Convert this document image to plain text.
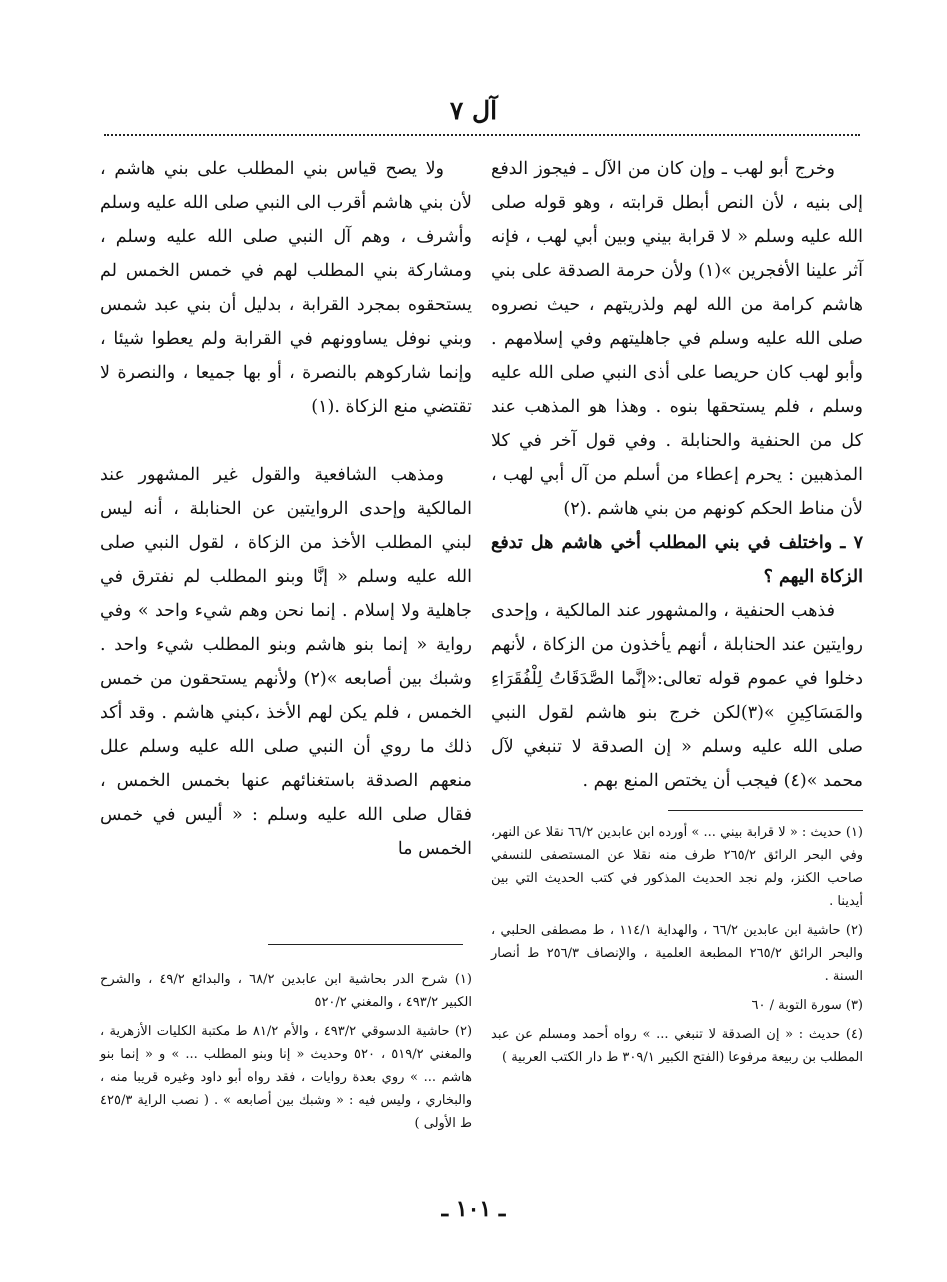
آل ٧

وخرج أبو لهب ـ وإن كان من الآل ـ فيجوز الدفع إلى بنيه ، لأن النص أبطل قرابته ، وهو قوله صلى الله عليه وسلم « لا قرابة بيني وبين أبي لهب ، فإنه آثر علينا الأفجرين »(١) ولأن حرمة الصدقة على بني هاشم كرامة من الله لهم ولذريتهم ، حيث نصروه صلى الله عليه وسلم في جاهليتهم وفي إسلامهم . وأبو لهب كان حريصا على أذى النبي صلى الله عليه وسلم ، فلم يستحقها بنوه . وهذا هو المذهب عند كل من الحنفية والحنابلة . وفي قول آخر في كلا المذهبين : يحرم إعطاء من أسلم من آل أبي لهب ، لأن مناط الحكم كونهم من بني هاشم .(٢)

٧ ـ واختلف في بني المطلب أخي هاشم هل تدفع الزكاة اليهم ؟

فذهب الحنفية ، والمشهور عند المالكية ، وإحدى روايتين عند الحنابلة ، أنهم يأخذون من الزكاة ، لأنهم دخلوا في عموم قوله تعالى:«إنَّما الصَّدَقَاتُ لِلْفُقَرَاءِ والمَسَاكِينِ »(٣)لكن خرج بنو هاشم لقول النبي صلى الله عليه وسلم « إن الصدقة لا تنبغي لآل محمد »(٤) فيجب أن يختص المنع بهم .

(١) حديث : « لا قرابة بيني ... » أورده ابن عابدين ٦٦/٢ نقلا عن النهر، وفي البحر الرائق ٢٦٥/٢ طرف منه نقلا عن المستصفى للنسفي صاحب الكنز، ولم نجد الحديث المذكور في كتب الحديث التي بين أيدينا .

(٢) حاشية ابن عابدين ٦٦/٢ ، والهداية ١١٤/١ ، ط مصطفى الحلبي ، والبحر الرائق ٢٦٥/٢ المطبعة العلمية ، والإنصاف ٢٥٦/٣ ط أنصار السنة .

(٣) سورة التوبة / ٦٠

(٤) حديث : « إن الصدقة لا تنبغي ... » رواه أحمد ومسلم عن عبد المطلب بن ربيعة مرفوعا (الفتح الكبير ٣٠٩/١ ط دار الكتب العربية )

ولا يصح قياس بني المطلب على بني هاشم ، لأن بني هاشم أقرب الى النبي صلى الله عليه وسلم وأشرف ، وهم آل النبي صلى الله عليه وسلم ، ومشاركة بني المطلب لهم في خمس الخمس لم يستحقوه بمجرد القرابة ، بدليل أن بني عبد شمس وبني نوفل يساوونهم في القرابة ولم يعطوا شيئا ، وإنما شاركوهم بالنصرة ، أو بها جميعا ، والنصرة لا تقتضي منع الزكاة .(١)

ومذهب الشافعية والقول غير المشهور عند المالكية وإحدى الروايتين عن الحنابلة ، أنه ليس لبني المطلب الأخذ من الزكاة ، لقول النبي صلى الله عليه وسلم « إنَّا وبنو المطلب لم نفترق في جاهلية ولا إسلام . إنما نحن وهم شيء واحد » وفي رواية « إنما بنو هاشم وبنو المطلب شيء واحد . وشبك بين أصابعه »(٢) ولأنهم يستحقون من خمس الخمس ، فلم يكن لهم الأخذ ،كبني هاشم . وقد أكد ذلك ما روي أن النبي صلى الله عليه وسلم علل منعهم الصدقة باستغنائهم عنها بخمس الخمس ، فقال صلى الله عليه وسلم : « أليس في خمس الخمس ما

(١) شرح الدر بحاشية ابن عابدين ٦٨/٢ ، والبدائع ٤٩/٢ ، والشرح الكبير ٤٩٣/٢ ، والمغني ٥٢٠/٢

(٢) حاشية الدسوقي ٤٩٣/٢ ، والأم ٨١/٢ ط مكتبة الكليات الأزهرية ، والمغني ٥١٩/٢ ، ٥٢٠ وحديث « إنا وبنو المطلب ... » و « إنما بنو هاشم ... » روي بعدة روايات ، فقد رواه أبو داود وغيره قريبا منه ، والبخاري ، وليس فيه : « وشبك بين أصابعه » . ( نصب الراية ٤٢٥/٣ ط الأولى )

ـ ١٠١ ـ
